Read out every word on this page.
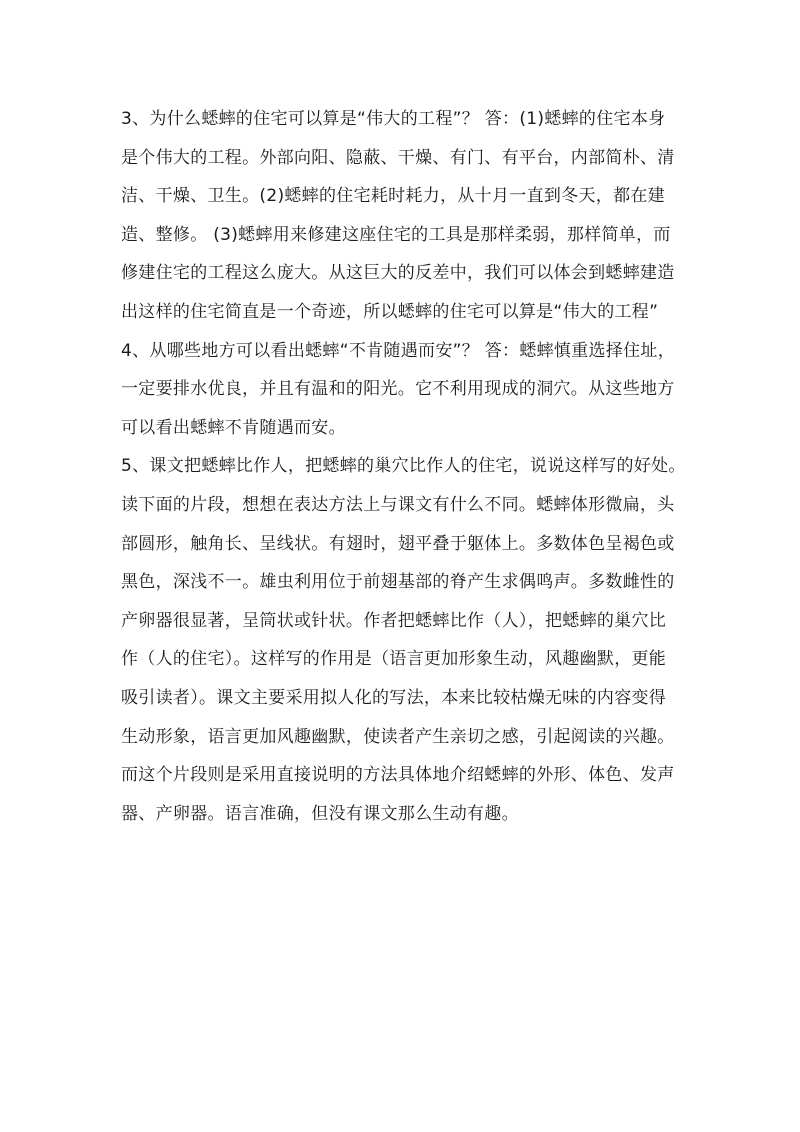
3、为什么蟋蟀的住宅可以算是“伟大的工程”？ 答：(1)蟋蟀的住宅本身
是个伟大的工程。外部向阳、隐蔽、干燥、有门、有平台，内部简朴、清
洁、干燥、卫生。(2)蟋蟀的住宅耗时耗力，从十月一直到冬天，都在建
造、整修。 (3)蟋蟀用来修建这座住宅的工具是那样柔弱，那样简单，而
修建住宅的工程这么庞大。从这巨大的反差中，我们可以体会到蟋蟀建造
出这样的住宅简直是一个奇迹，所以蟋蟀的住宅可以算是“伟大的工程”
4、从哪些地方可以看出蟋蟀“不肯随遇而安”？ 答：蟋蟀慎重选择住址，
一定要排水优良，并且有温和的阳光。它不利用现成的洞穴。从这些地方
可以看出蟋蟀不肯随遇而安。
5、课文把蟋蟀比作人，把蟋蟀的巢穴比作人的住宅，说说这样写的好处。
读下面的片段，想想在表达方法上与课文有什么不同。蟋蟀体形微扁，头
部圆形，触角长、呈线状。有翅时，翅平叠于躯体上。多数体色呈褐色或
黑色，深浅不一。雄虫利用位于前翅基部的脊产生求偶鸣声。多数雌性的
产卵器很显著，呈筒状或针状。作者把蟋蟀比作（人），把蟋蟀的巢穴比
作（人的住宅）。这样写的作用是（语言更加形象生动，风趣幽默，更能
吸引读者）。课文主要采用拟人化的写法，本来比较枯燥无味的内容变得
生动形象，语言更加风趣幽默，使读者产生亲切之感，引起阅读的兴趣。
而这个片段则是采用直接说明的方法具体地介绍蟋蟀的外形、体色、发声
器、产卵器。语言准确，但没有课文那么生动有趣。
